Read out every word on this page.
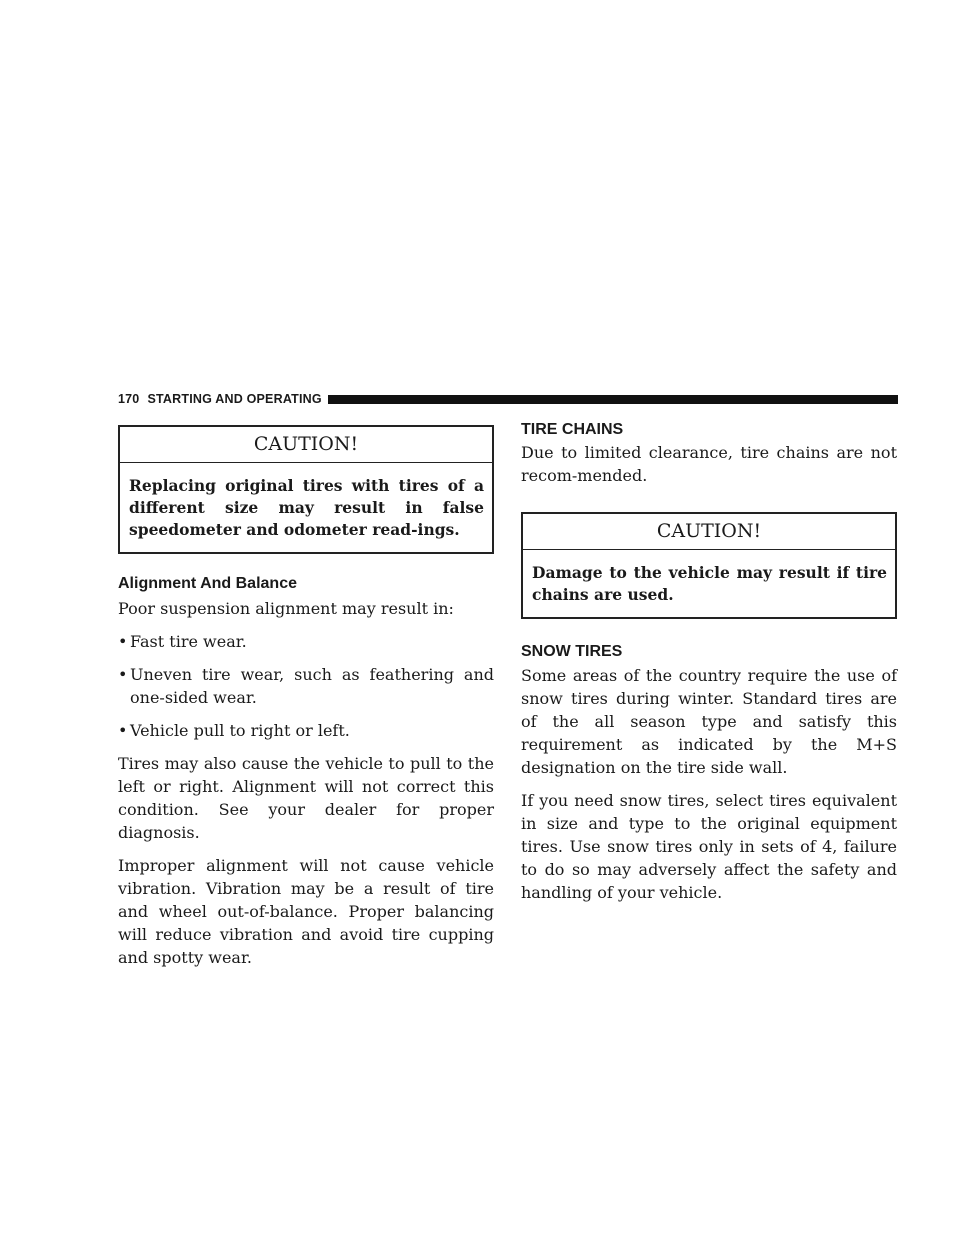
170 STARTING AND OPERATING
CAUTION!
Replacing original tires with tires of a different size may result in false speedometer and odometer read-ings.
Alignment And Balance

Poor suspension alignment may result in:

• Fast tire wear.
• Uneven tire wear, such as feathering and one-sided wear.
• Vehicle pull to right or left.

Tires may also cause the vehicle to pull to the left or right. Alignment will not correct this condition. See your dealer for proper diagnosis.

Improper alignment will not cause vehicle vibration. Vibration may be a result of tire and wheel out-of-balance. Proper balancing will reduce vibration and avoid tire cupping and spotty wear.

TIRE CHAINS

Due to limited clearance, tire chains are not recom-mended.

CAUTION!
Damage to the vehicle may result if tire chains are used.
SNOW TIRES

Some areas of the country require the use of snow tires during winter. Standard tires are of the all season type and satisfy this requirement as indicated by the M+S designation on the tire side wall.

If you need snow tires, select tires equivalent in size and type to the original equipment tires. Use snow tires only in sets of 4, failure to do so may adversely affect the safety and handling of your vehicle.
